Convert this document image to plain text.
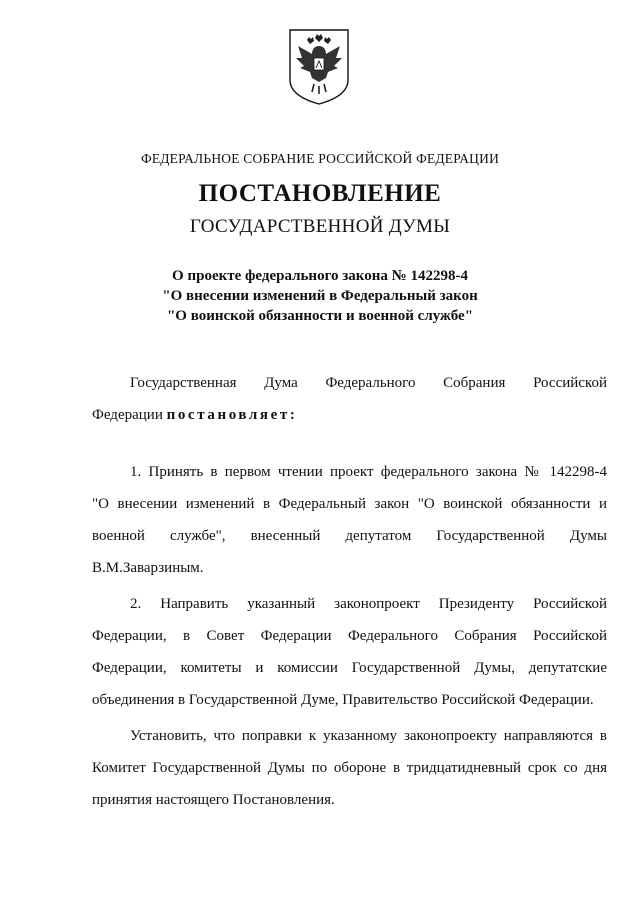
ФЕДЕРАЛЬНОЕ СОБРАНИЕ РОССИЙСКОЙ ФЕДЕРАЦИИ
ПОСТАНОВЛЕНИЕ
ГОСУДАРСТВЕННОЙ ДУМЫ
О проекте федерального закона № 142298-4
"О внесении изменений в Федеральный закон
"О воинской обязанности и военной службе"
Государственная Дума Федерального Собрания Российской
Федерации постановляет:
1. Принять в первом чтении проект федерального закона № 142298-4
"О внесении изменений в Федеральный закон "О воинской обязанности и
военной службе", внесенный депутатом Государственной Думы
В.М.Заварзиным.
2. Направить указанный законопроект Президенту Российской
Федерации, в Совет Федерации Федерального Собрания Российской
Федерации, комитеты и комиссии Государственной Думы, депутатские
объединения в Государственной Думе, Правительство Российской Федерации.
Установить, что поправки к указанному законопроекту направляются в
Комитет Государственной Думы по обороне в тридцатидневный срок со дня
принятия настоящего Постановления.
